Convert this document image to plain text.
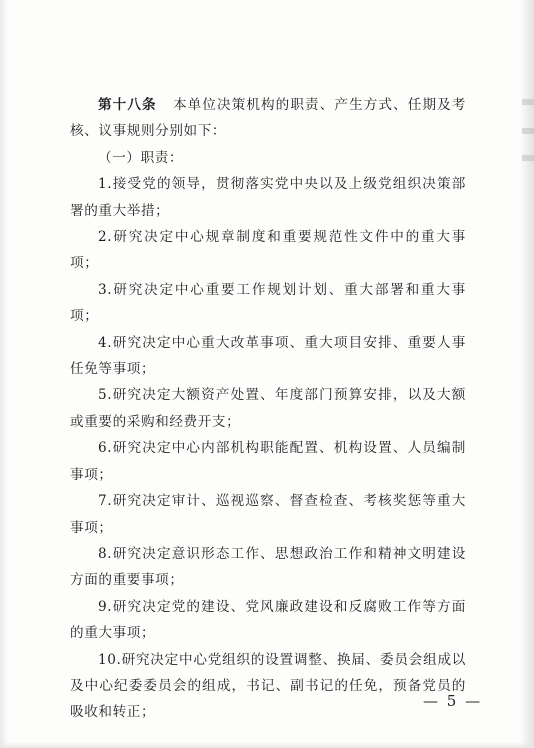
第十八条 本单位决策机构的职责、产生方式、任期及考核、议事规则分别如下：

（一）职责：

1.接受党的领导，贯彻落实党中央以及上级党组织决策部署的重大举措；

2.研究决定中心规章制度和重要规范性文件中的重大事项；

3.研究决定中心重要工作规划计划、重大部署和重大事项；

4.研究决定中心重大改革事项、重大项目安排、重要人事任免等事项；

5.研究决定大额资产处置、年度部门预算安排，以及大额或重要的采购和经费开支；

6.研究决定中心内部机构职能配置、机构设置、人员编制事项；

7.研究决定审计、巡视巡察、督查检查、考核奖惩等重大事项；

8.研究决定意识形态工作、思想政治工作和精神文明建设方面的重要事项；

9.研究决定党的建设、党风廉政建设和反腐败工作等方面的重大事项；

10.研究决定中心党组织的设置调整、换届、委员会组成以及中心纪委委员会的组成，书记、副书记的任免，预备党员的吸收和转正；

— 5 —
